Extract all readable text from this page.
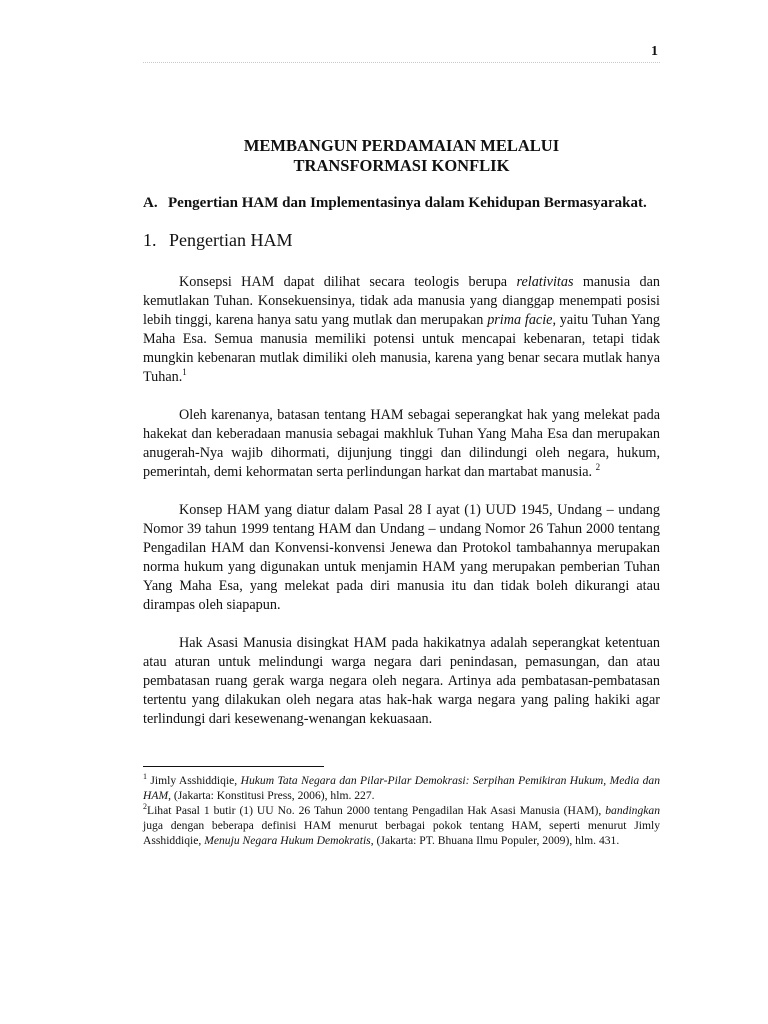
1
MEMBANGUN PERDAMAIAN MELALUI
TRANSFORMASI KONFLIK
A. Pengertian HAM dan Implementasinya dalam Kehidupan Bermasyarakat.
1. Pengertian HAM

Konsepsi HAM dapat dilihat secara teologis berupa relativitas manusia dan kemutlakan Tuhan. Konsekuensinya, tidak ada manusia yang dianggap menempati posisi lebih tinggi, karena hanya satu yang mutlak dan merupakan prima facie, yaitu Tuhan Yang Maha Esa. Semua manusia memiliki potensi untuk mencapai kebenaran, tetapi tidak mungkin kebenaran mutlak dimiliki oleh manusia, karena yang benar secara mutlak hanya Tuhan.$^1$

Oleh karenanya, batasan tentang HAM sebagai seperangkat hak yang melekat pada hakekat dan keberadaan manusia sebagai makhluk Tuhan Yang Maha Esa dan merupakan anugerah-Nya wajib dihormati, dijunjung tinggi dan dilindungi oleh negara, hukum, pemerintah, demi kehormatan serta perlindungan harkat dan martabat manusia. $^2$

Konsep HAM yang diatur dalam Pasal 28 I ayat (1) UUD 1945, Undang – undang Nomor 39 tahun 1999 tentang HAM dan Undang – undang Nomor 26 Tahun 2000 tentang Pengadilan HAM dan Konvensi-konvensi Jenewa dan Protokol tambahannya merupakan norma hukum yang digunakan untuk menjamin HAM yang merupakan pemberian Tuhan Yang Maha Esa, yang melekat pada diri manusia itu dan tidak boleh dikurangi atau dirampas oleh siapapun.

Hak Asasi Manusia disingkat HAM pada hakikatnya adalah seperangkat ketentuan atau aturan untuk melindungi warga negara dari penindasan, pemasungan, dan atau pembatasan ruang gerak warga negara oleh negara. Artinya ada pembatasan-pembatasan tertentu yang dilakukan oleh negara atas hak-hak warga negara yang paling hakiki agar terlindungi dari kesewenang-wenangan kekuasaan.

$^1$ Jimly Asshiddiqie, Hukum Tata Negara dan Pilar-Pilar Demokrasi: Serpihan Pemikiran Hukum, Media dan HAM, (Jakarta: Konstitusi Press, 2006), hlm. 227.

$^2$Lihat Pasal 1 butir (1) UU No. 26 Tahun 2000 tentang Pengadilan Hak Asasi Manusia (HAM), bandingkan juga dengan beberapa definisi HAM menurut berbagai pokok tentang HAM, seperti menurut Jimly Asshiddiqie, Menuju Negara Hukum Demokratis, (Jakarta: PT. Bhuana Ilmu Populer, 2009), hlm. 431.
